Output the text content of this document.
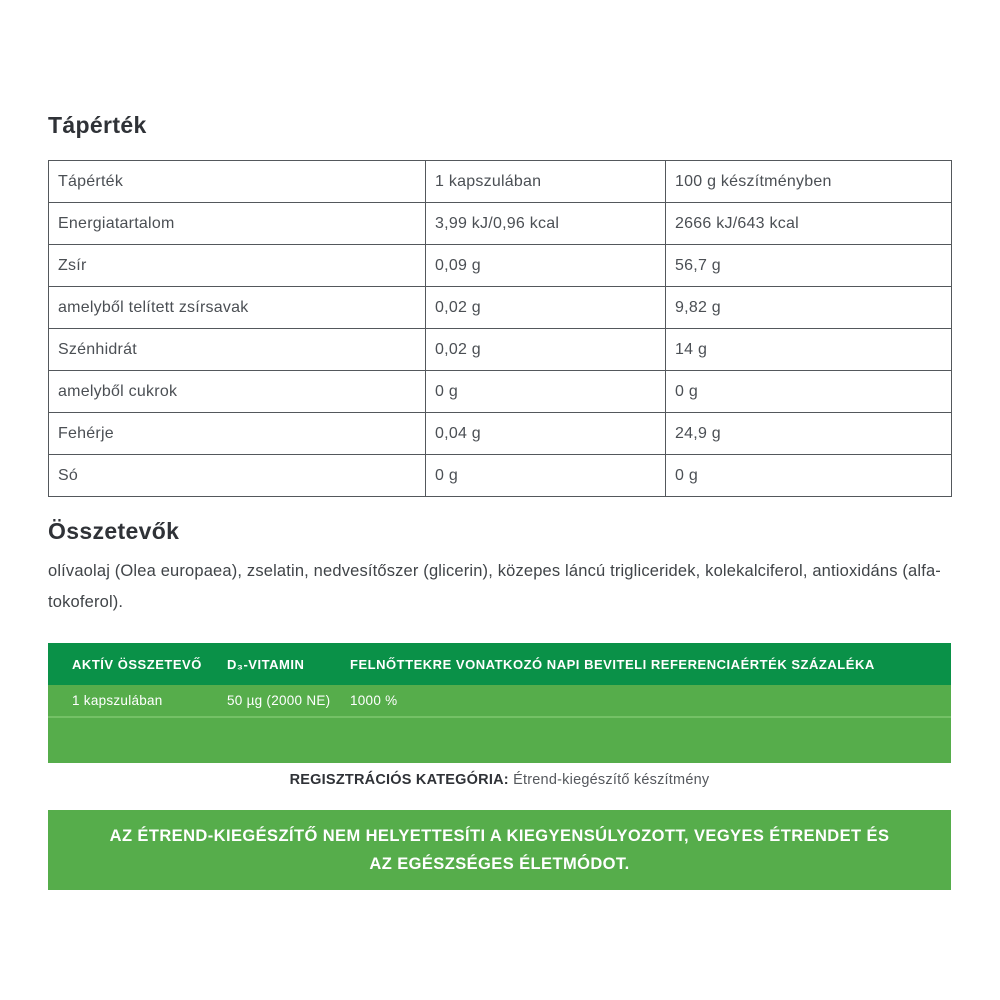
Tápérték
Tápérték	1 kapszulában	100 g készítményben
Energiatartalom	3,99 kJ/0,96 kcal	2666 kJ/643 kcal
Zsír	0,09 g	56,7 g
amelyből telített zsírsavak	0,02 g	9,82 g
Szénhidrát	0,02 g	14 g
amelyből cukrok	0 g	0 g
Fehérje	0,04 g	24,9 g
Só	0 g	0 g
Összetevők
olívaolaj (Olea europaea), zselatin, nedvesítőszer (glicerin), közepes láncú trigliceridek, kolekalciferol, antioxidáns (alfa-tokoferol).
AKTÍV ÖSSZETEVŐ	D₃-VITAMIN	FELNŐTTEKRE VONATKOZÓ NAPI BEVITELI REFERENCIAÉRTÉK SZÁZALÉKA
1 kapszulában	50 µg (2000 NE)	1000 %
REGISZTRÁCIÓS KATEGÓRIA: Étrend-kiegészítő készítmény
AZ ÉTREND-KIEGÉSZÍTŐ NEM HELYETTESÍTI A KIEGYENSÚLYOZOTT, VEGYES ÉTRENDET ÉS AZ EGÉSZSÉGES ÉLETMÓDOT.
